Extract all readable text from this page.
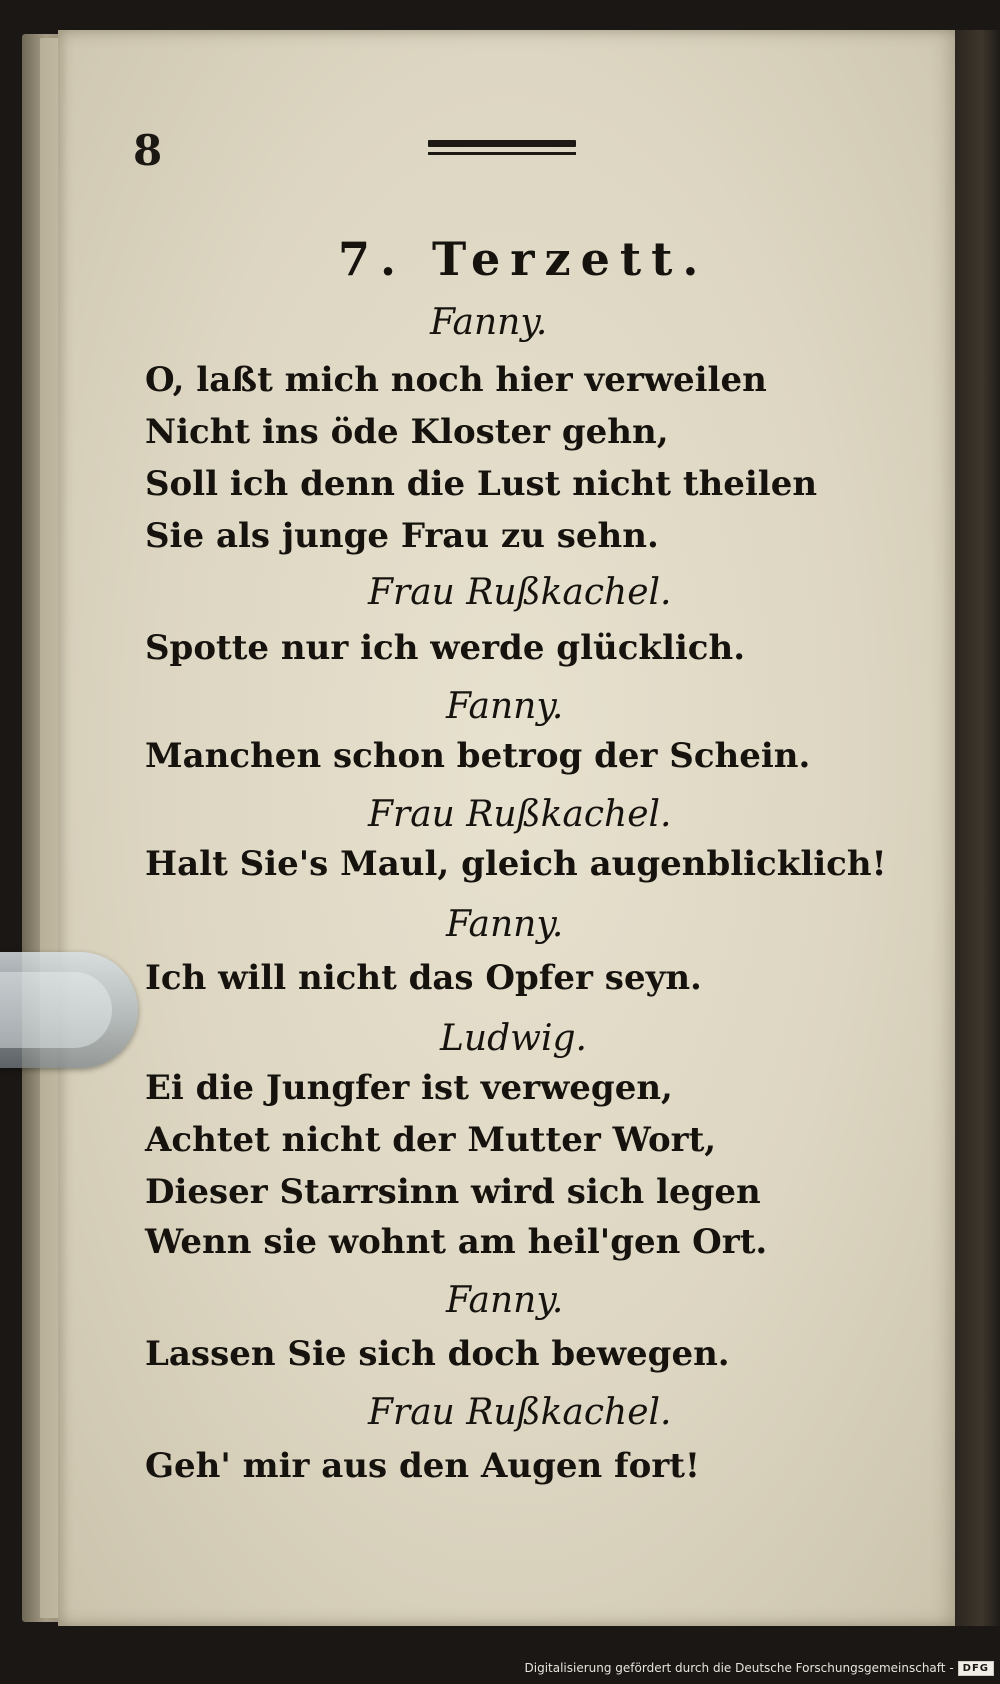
8
7. Terzett.
Fanny.
O, laßt mich noch hier verweilen
Nicht ins öde Kloster gehn,
Soll ich denn die Lust nicht theilen
Sie als junge Frau zu sehn.
Frau Rußkachel.
Spotte nur ich werde glücklich.
Fanny.
Manchen schon betrog der Schein.
Frau Rußkachel.
Halt Sie's Maul, gleich augenblicklich!
Fanny.
Ich will nicht das Opfer seyn.
Ludwig.
Ei die Jungfer ist verwegen,
Achtet nicht der Mutter Wort,
Dieser Starrsinn wird sich legen
Wenn sie wohnt am heil'gen Ort.
Fanny.
Lassen Sie sich doch bewegen.
Frau Rußkachel.
Geh' mir aus den Augen fort!
Digitalisierung gefördert durch die Deutsche Forschungsgemeinschaft - DFG
